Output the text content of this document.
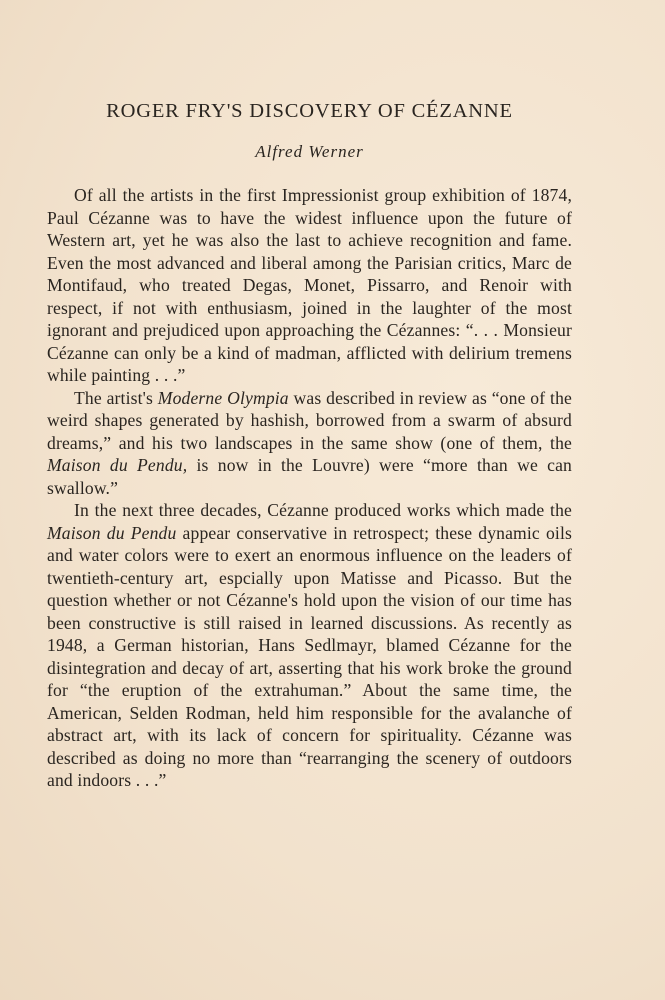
ROGER FRY'S DISCOVERY OF CÉZANNE
Alfred Werner

Of all the artists in the first Impressionist group exhibition of 1874, Paul Cézanne was to have the widest influence upon the future of Western art, yet he was also the last to achieve recognition and fame. Even the most advanced and liberal among the Parisian critics, Marc de Montifaud, who treated Degas, Monet, Pissarro, and Renoir with respect, if not with enthusiasm, joined in the laughter of the most ignorant and prejudiced upon approaching the Cézannes: “. . . Monsieur Cézanne can only be a kind of madman, afflicted with delirium tremens while painting . . .”

The artist's Moderne Olympia was described in review as “one of the weird shapes generated by hashish, borrowed from a swarm of absurd dreams,” and his two landscapes in the same show (one of them, the Maison du Pendu, is now in the Louvre) were “more than we can swallow.”

In the next three decades, Cézanne produced works which made the Maison du Pendu appear conservative in retrospect; these dynamic oils and water colors were to exert an enormous influence on the leaders of twentieth-century art, espcially upon Matisse and Picasso. But the question whether or not Cézanne's hold upon the vision of our time has been constructive is still raised in learned discussions. As recently as 1948, a German historian, Hans Sedlmayr, blamed Cézanne for the disintegration and decay of art, asserting that his work broke the ground for “the eruption of the extrahuman.” About the same time, the American, Selden Rodman, held him responsible for the avalanche of abstract art, with its lack of concern for spirituality. Cézanne was described as doing no more than “rearranging the scenery of outdoors and indoors . . .”
